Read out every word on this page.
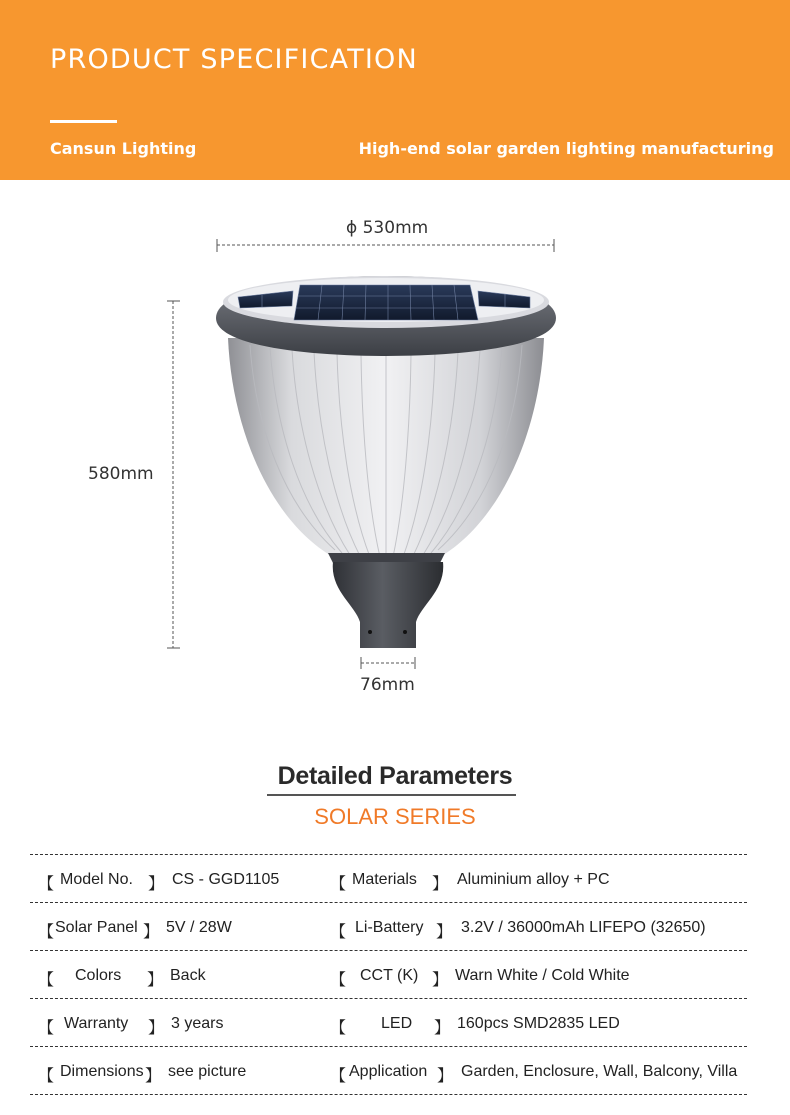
PRODUCT SPECIFICATION
Cansun Lighting	High-end solar garden lighting manufacturing
ϕ 530mm
580mm
76mm
Detailed Parameters
SOLAR SERIES
【 Model No. 】 CS - GGD1105	【 Materials 】 Aluminium alloy + PC
【 Solar Panel 】 5V / 28W	【 Li-Battery 】 3.2V / 36000mAh LIFEPO (32650)
【 Colors 】 Back	【 CCT (K) 】 Warn White / Cold White
【 Warranty 】 3 years	【 LED 】 160pcs SMD2835 LED
【 Dimensions 】 see picture	【 Application 】 Garden, Enclosure, Wall, Balcony, Villa
